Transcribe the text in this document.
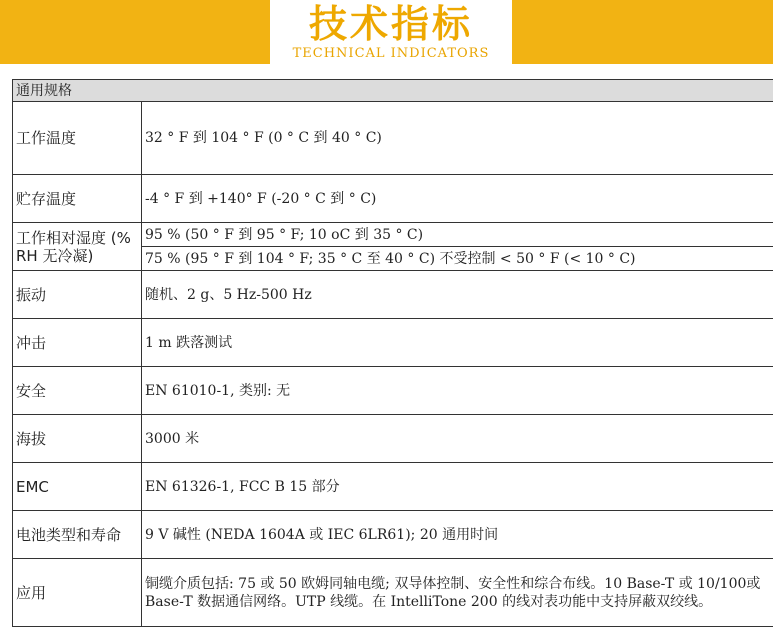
技术指标
TECHNICAL INDICATORS
通用规格	
工作温度	32 ° F 到 104 ° F (0 ° C 到 40 ° C)
贮存温度	-4 ° F 到 +140° F (-20 ° C 到 ° C)
工作相对湿度 (% RH 无冷凝)	95 % (50 ° F 到 95 ° F; 10 oC 到 35 ° C)
	75 % (95 ° F 到 104 ° F; 35 ° C 至 40 ° C) 不受控制 < 50 ° F (< 10 ° C)
振动	随机、2 g、5 Hz-500 Hz
冲击	1 m 跌落测试
安全	EN 61010-1, 类别: 无
海拔	3000 米
EMC	EN 61326-1, FCC B 15 部分
电池类型和寿命	9 V 碱性 (NEDA 1604A 或 IEC 6LR61); 20 通用时间
应用	铜缆介质包括: 75 或 50 欧姆同轴电缆; 双导体控制、安全性和综合布线。10 Base-T 或 10/100或 Base-T 数据通信网络。UTP 线缆。在 IntelliTone 200 的线对表功能中支持屏蔽双绞线。
